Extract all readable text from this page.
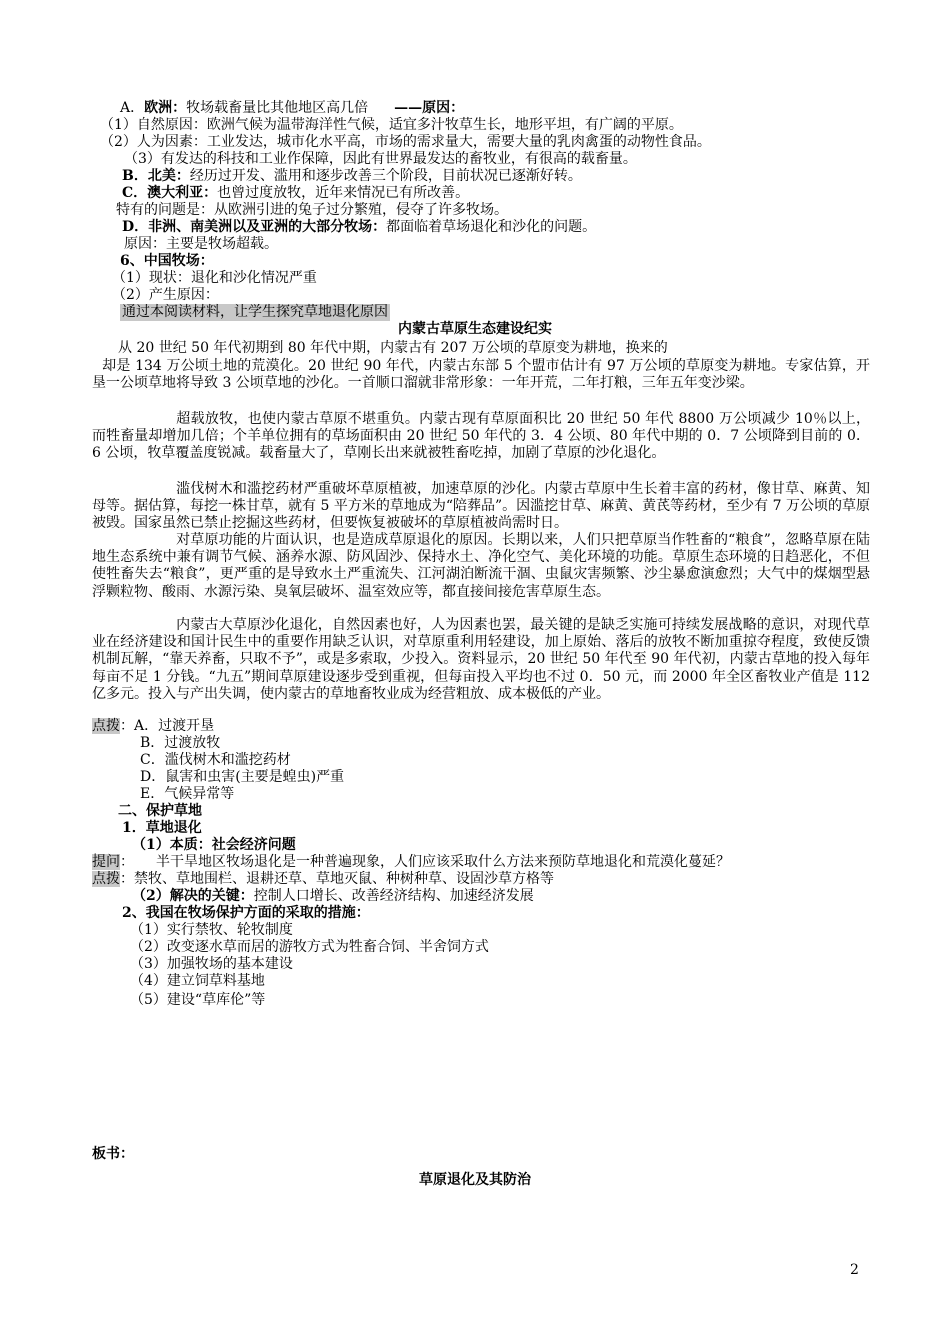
A．欧洲：牧场载畜量比其他地区高几倍 ——原因：
（1）自然原因：欧洲气候为温带海洋性气候，适宜多汁牧草生长，地形平坦，有广阔的平原。
（2）人为因素：工业发达，城市化水平高，市场的需求量大，需要大量的乳肉禽蛋的动物性食品。
（3）有发达的科技和工业作保障，因此有世界最发达的畜牧业，有很高的载畜量。
B．北美：经历过开发、滥用和逐步改善三个阶段，目前状况已逐渐好转。
C．澳大利亚：也曾过度放牧，近年来情况已有所改善。
特有的问题是：从欧洲引进的兔子过分繁殖，侵夺了许多牧场。
D．非洲、南美洲以及亚洲的大部分牧场：都面临着草场退化和沙化的问题。
原因：主要是牧场超载。
6、中国牧场：
（1）现状：退化和沙化情况严重
（2）产生原因：
通过本阅读材料，让学生探究草地退化原因
内蒙古草原生态建设纪实
从 20 世纪 50 年代初期到 80 年代中期，内蒙古有 207 万公顷的草原变为耕地，换来的
却是 134 万公顷土地的荒漠化。20 世纪 90 年代，内蒙古东部 5 个盟市估计有 97 万公顷的草原变为耕地。专家估算，开垦一公顷草地将导致 3 公顷草地的沙化。一首顺口溜就非常形象：一年开荒，二年打粮，三年五年变沙梁。
超载放牧，也使内蒙古草原不堪重负。内蒙古现有草原面积比 20 世纪 50 年代 8800 万公顷减少 10％以上，而牲畜量却增加几倍；个羊单位拥有的草场面积由 20 世纪 50 年代的 3．4 公顷、80 年代中期的 0．7 公顷降到目前的 0．6 公顷，牧草覆盖度锐减。载畜量大了，草刚长出来就被牲畜吃掉，加剧了草原的沙化退化。
滥伐树木和滥挖药材严重破坏草原植被，加速草原的沙化。内蒙古草原中生长着丰富的药材，像甘草、麻黄、知母等。据估算，每挖一株甘草，就有 5 平方米的草地成为“陪葬品”。因滥挖甘草、麻黄、黄芪等药材，至少有 7 万公顷的草原被毁。国家虽然已禁止挖掘这些药材，但要恢复被破坏的草原植被尚需时日。
对草原功能的片面认识，也是造成草原退化的原因。长期以来，人们只把草原当作牲畜的“粮食”，忽略草原在陆地生态系统中兼有调节气候、涵养水源、防风固沙、保持水土、净化空气、美化环境的功能。草原生态环境的日趋恶化，不但使牲畜失去“粮食”，更严重的是导致水土严重流失、江河湖泊断流干涸、虫鼠灾害频繁、沙尘暴愈演愈烈；大气中的煤烟型悬浮颗粒物、酸雨、水源污染、臭氧层破坏、温室效应等，都直接间接危害草原生态。
内蒙古大草原沙化退化，自然因素也好，人为因素也罢，最关键的是缺乏实施可持续发展战略的意识，对现代草业在经济建设和国计民生中的重要作用缺乏认识，对草原重利用轻建设，加上原始、落后的放牧不断加重掠夺程度，致使反馈机制瓦解，“靠天养畜，只取不予”，或是多索取，少投入。资料显示，20 世纪 50 年代至 90 年代初，内蒙古草地的投入每年每亩不足 1 分钱。“九五”期间草原建设逐步受到重视，但每亩投入平均也不过 0．50 元，而 2000 年全区畜牧业产值是 112 亿多元。投入与产出失调，使内蒙古的草地畜牧业成为经营粗放、成本极低的产业。
点拨：A．过渡开垦
B．过渡放牧
C．滥伐树木和滥挖药材
D．鼠害和虫害(主要是蝗虫)严重
E．气候异常等
二、保护草地
1．草地退化
（1）本质：社会经济问题
提问： 半干旱地区牧场退化是一种普遍现象，人们应该采取什么方法来预防草地退化和荒漠化蔓延？
点拨：禁牧、草地围栏、退耕还草、草地灭鼠、种树种草、设固沙草方格等
（2）解决的关键：控制人口增长、改善经济结构、加速经济发展
2、我国在牧场保护方面的采取的措施：
（1）实行禁牧、轮牧制度
（2）改变逐水草而居的游牧方式为牲畜合饲、半舍饲方式
（3）加强牧场的基本建设
（4）建立饲草料基地
（5）建设“草库伦”等
板书：
草原退化及其防治
2
